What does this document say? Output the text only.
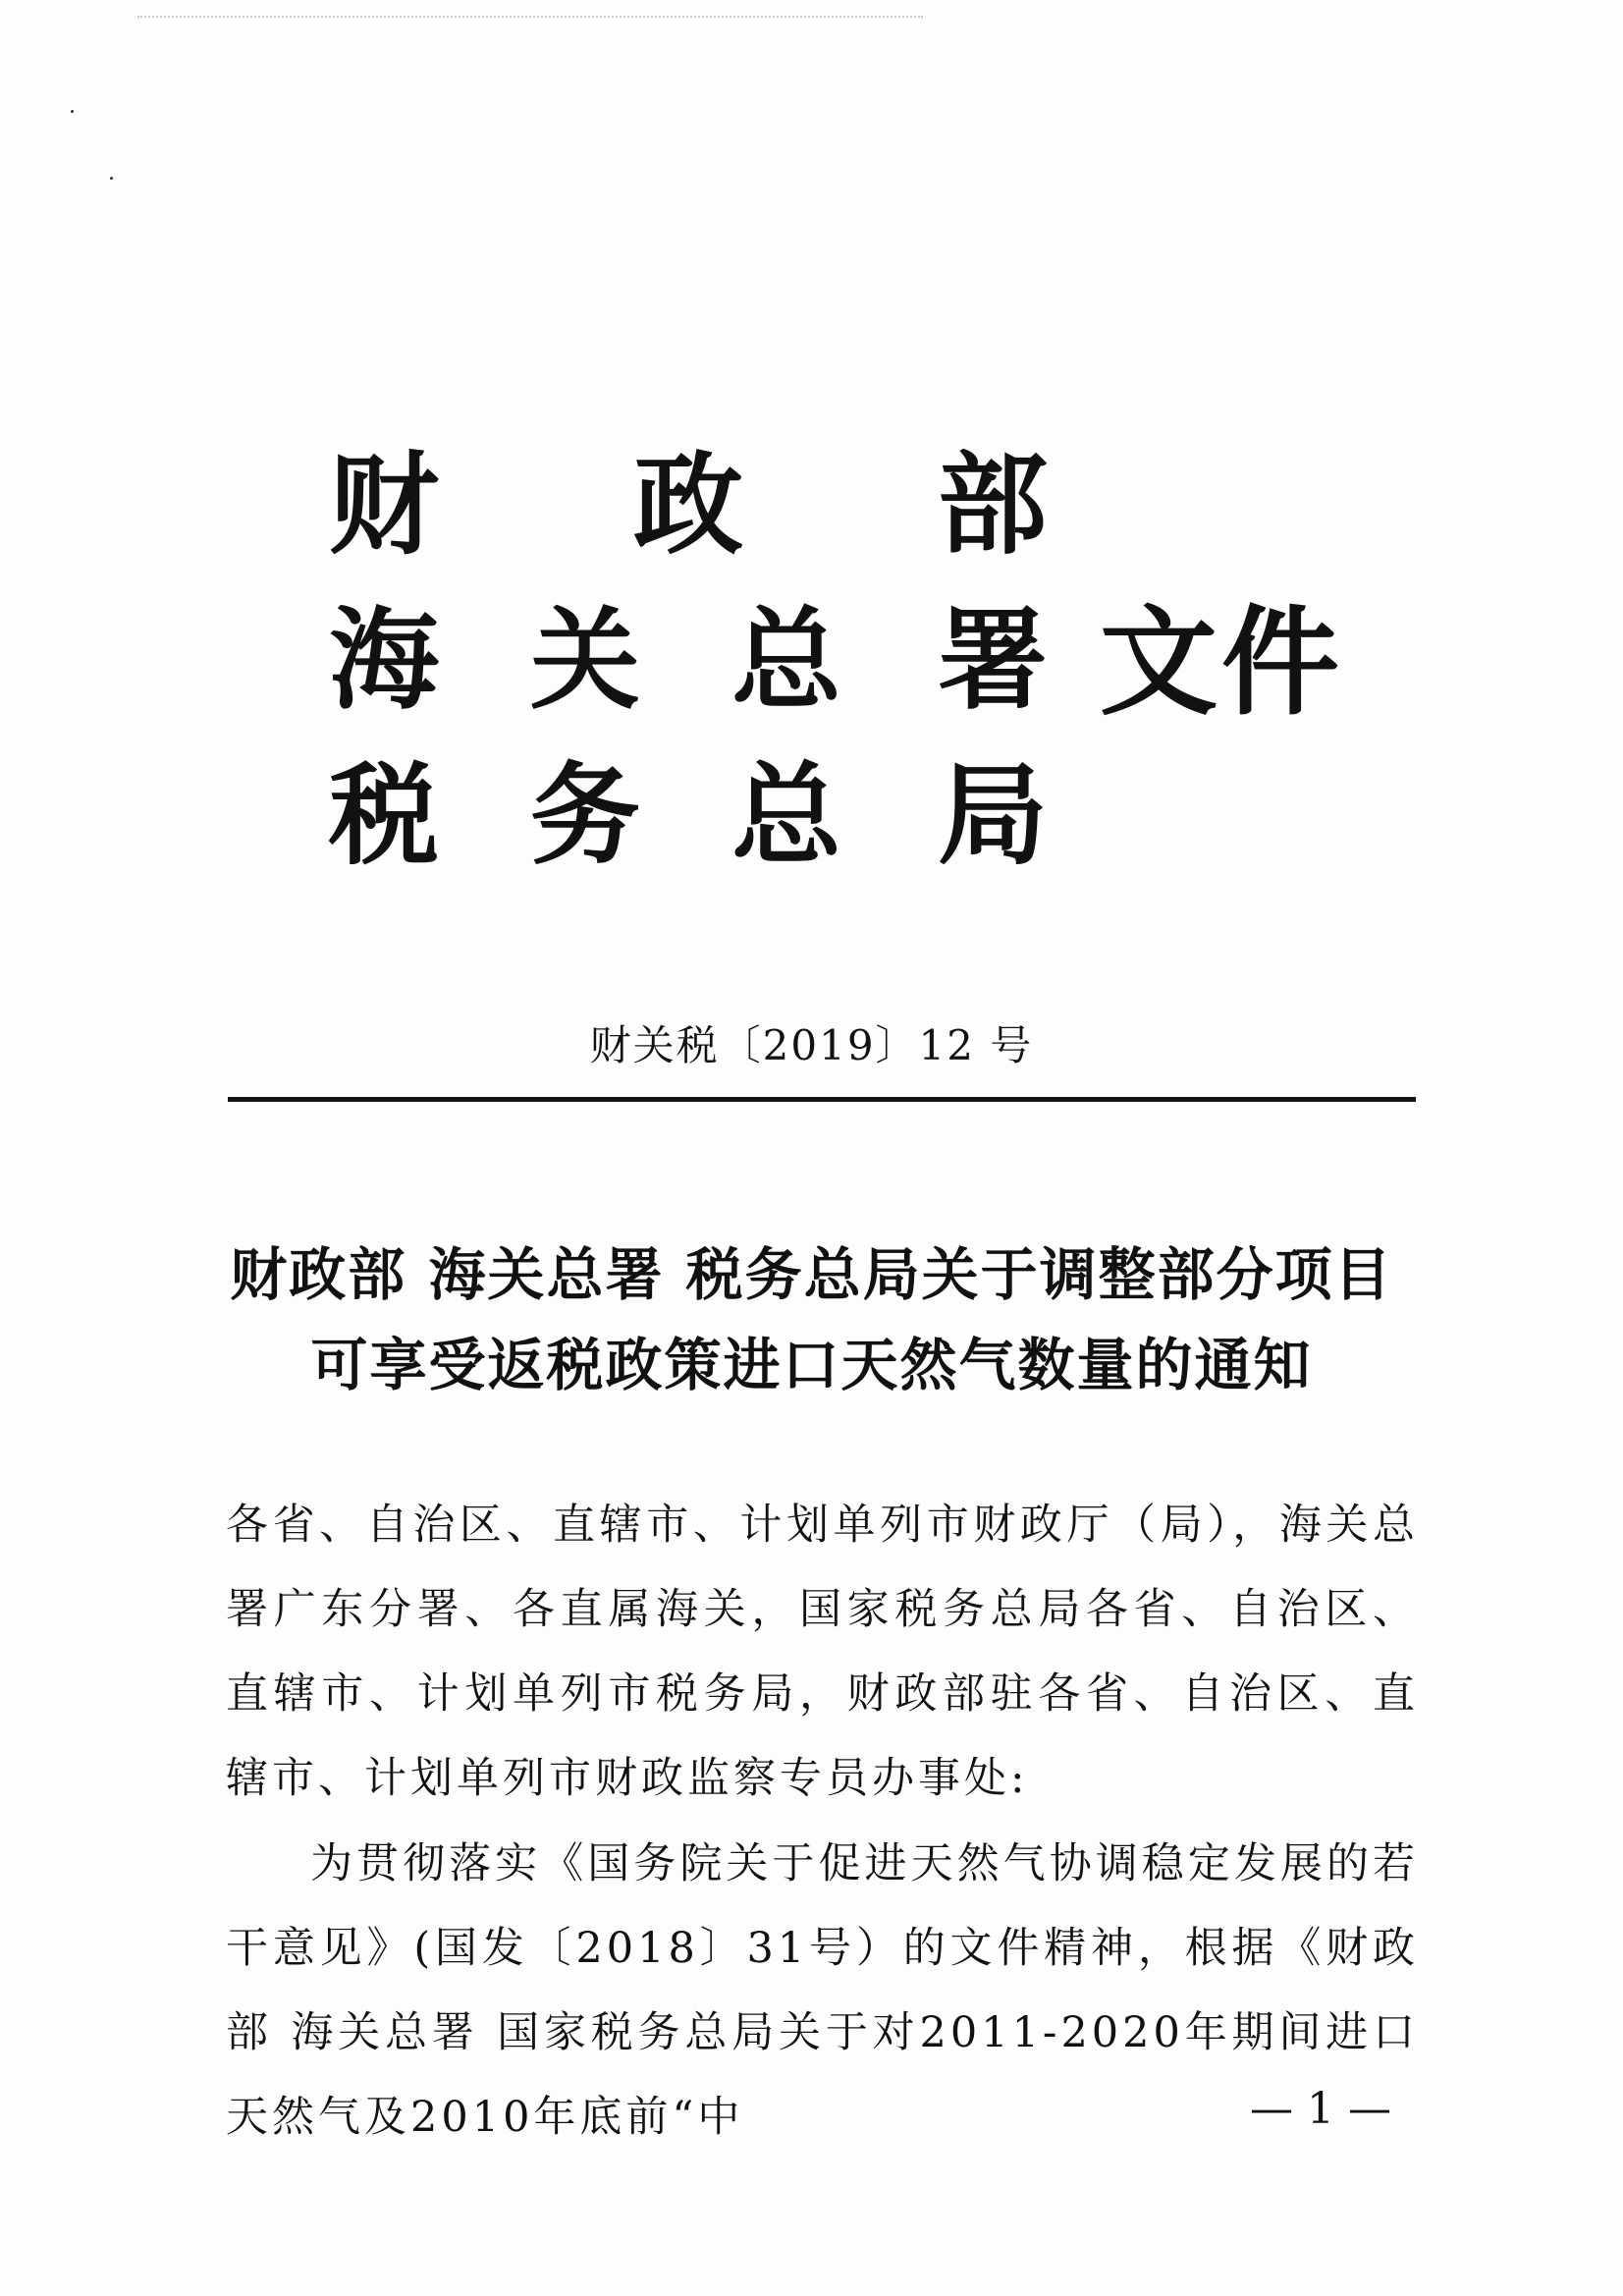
财 政 部
海 关 总 署
税 务 总 局
文件
财关税〔2019〕12 号
财政部 海关总署 税务总局关于调整部分项目
可享受返税政策进口天然气数量的通知
各省、自治区、直辖市、计划单列市财政厅（局），海关总署广东分署、各直属海关，国家税务总局各省、自治区、直辖市、计划单列市税务局，财政部驻各省、自治区、直辖市、计划单列市财政监察专员办事处:
为贯彻落实《国务院关于促进天然气协调稳定发展的若干意见》(国发〔2018〕31号）的文件精神，根据《财政部 海关总署 国家税务总局关于对2011-2020年期间进口天然气及2010年底前“中	— 1 —
